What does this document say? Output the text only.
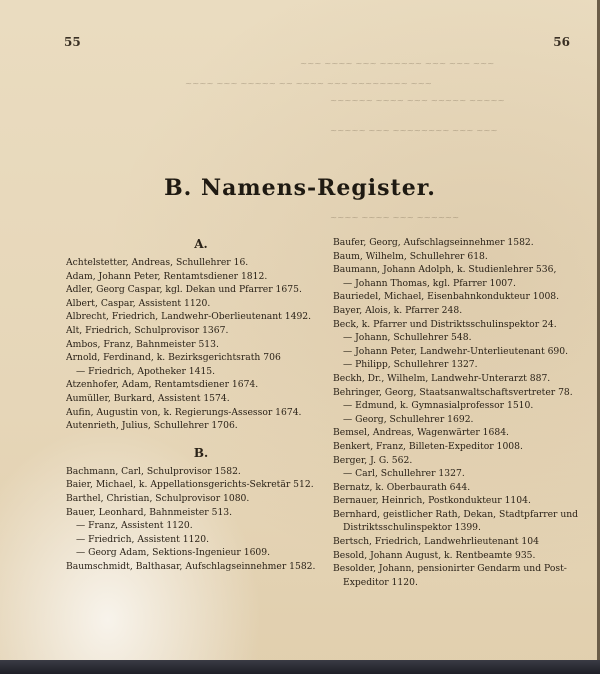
55	56
~~~ ~~~~ ~~~ ~~~~~~ ~~~ ~~~ ~~~
~~~~ ~~~ ~~~~~ ~~ ~~~~ ~~~ ~~~~~~~~ ~~~
~~~~~~ ~~~~ ~~~ ~~~~~ ~~~~~
~~~~~ ~~~ ~~~~~~~~ ~~~ ~~~
~~~~ ~~~~ ~~~ ~~~~~~
B. Namens-Register.
A.
Achtelstetter, Andreas, Schullehrer 16.
Adam, Johann Peter, Rentamtsdiener 1812.
Adler, Georg Caspar, kgl. Dekan und Pfarrer 1675.
Albert, Caspar, Assistent 1120.
Albrecht, Friedrich, Landwehr-Oberlieutenant 1492.
Alt, Friedrich, Schulprovisor 1367.
Ambos, Franz, Bahnmeister 513.
Arnold, Ferdinand, k. Bezirksgerichtsrath 706
— Friedrich, Apotheker 1415.
Atzenhofer, Adam, Rentamtsdiener 1674.
Aumüller, Burkard, Assistent 1574.
Aufin, Augustin von, k. Regierungs-Assessor 1674.
Autenrieth, Julius, Schullehrer 1706.
B.
Bachmann, Carl, Schulprovisor 1582.
Baier, Michael, k. Appellationsgerichts-Sekretär 512.
Barthel, Christian, Schulprovisor 1080.
Bauer, Leonhard, Bahnmeister 513.
— Franz, Assistent 1120.
— Friedrich, Assistent 1120.
— Georg Adam, Sektions-Ingenieur 1609.
Baumschmidt, Balthasar, Aufschlagseinnehmer 1582.
Baufer, Georg, Aufschlagseinnehmer 1582.
Baum, Wilhelm, Schullehrer 618.
Baumann, Johann Adolph, k. Studienlehrer 536,
— Johann Thomas, kgl. Pfarrer 1007.
Bauriedel, Michael, Eisenbahnkondukteur 1008.
Bayer, Alois, k. Pfarrer 248.
Beck, k. Pfarrer und Distriktsschulinspektor 24.
— Johann, Schullehrer 548.
— Johann Peter, Landwehr-Unterlieutenant 690.
— Philipp, Schullehrer 1327.
Beckh, Dr., Wilhelm, Landwehr-Unterarzt 887.
Behringer, Georg, Staatsanwaltschaftsvertreter 78.
— Edmund, k. Gymnasialprofessor 1510.
— Georg, Schullehrer 1692.
Bemsel, Andreas, Wagenwärter 1684.
Benkert, Franz, Billeten-Expeditor 1008.
Berger, J. G. 562.
— Carl, Schullehrer 1327.
Bernatz, k. Oberbaurath 644.
Bernauer, Heinrich, Postkondukteur 1104.
Bernhard, geistlicher Rath, Dekan, Stadtpfarrer und
Distriktsschulinspektor 1399.
Bertsch, Friedrich, Landwehrlieutenant 104
Besold, Johann August, k. Rentbeamte 935.
Besolder, Johann, pensionirter Gendarm und Post-
Expeditor 1120.
